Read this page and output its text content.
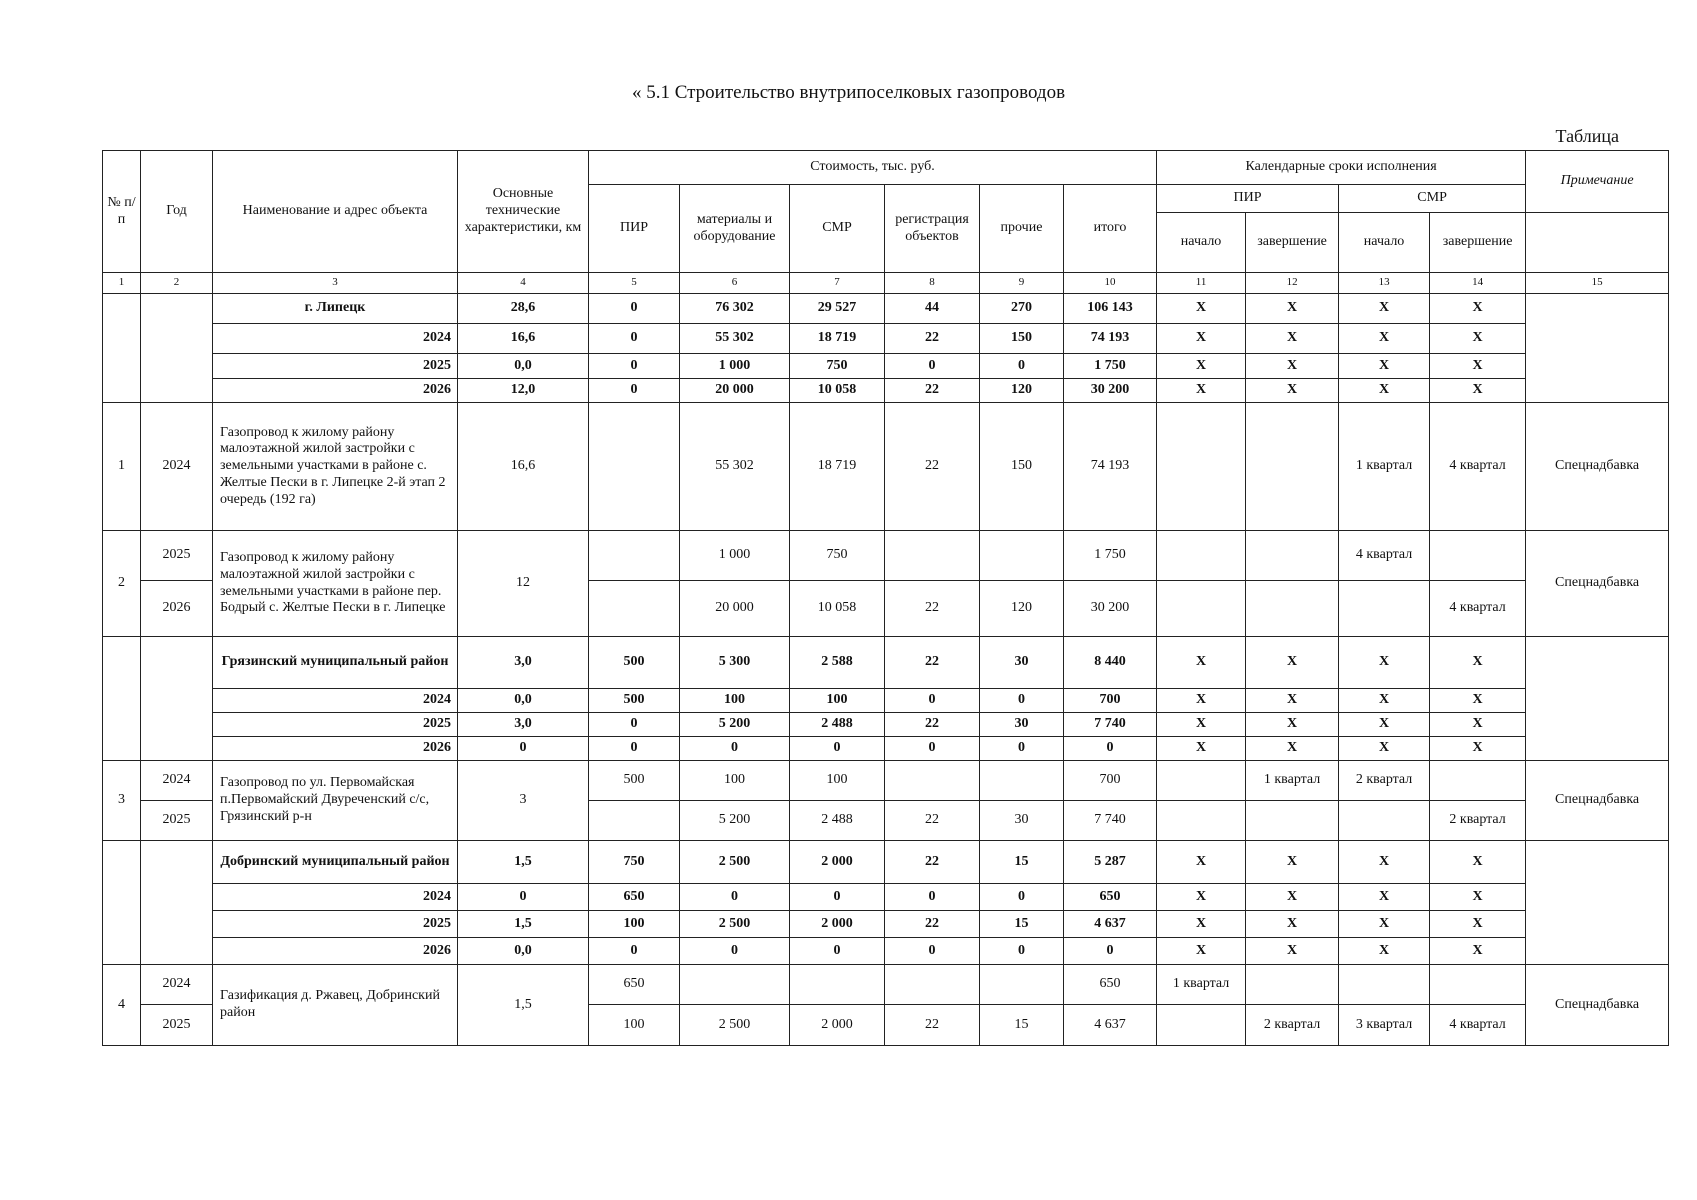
« 5.1 Строительство внутрипоселковых газопроводов
Таблица
№ п/п	Год	Наименование и адрес объекта	Основные технические характеристики, км	Стоимость, тыс. руб.						Календарные сроки исполнения				Примечание
				ПИР	материалы и оборудование	СМР	регистрация объектов	прочие	итого	ПИР		СМР		
										начало	завершение	начало	завершение	
1	2	3	4	5	6	7	8	9	10	11	12	13	14	15
		г. Липецк	28,6	0	76 302	29 527	44	270	106 143	X	X	X	X	
		2024	16,6	0	55 302	18 719	22	150	74 193	X	X	X	X	
		2025	0,0	0	1 000	750	0	0	1 750	X	X	X	X	
		2026	12,0	0	20 000	10 058	22	120	30 200	X	X	X	X	
1	2024	Газопровод к жилому району малоэтажной жилой застройки с земельными участками в районе с. Желтые Пески в г. Липецке 2-й этап 2 очередь (192 га)	16,6		55 302	18 719	22	150	74 193			1 квартал	4 квартал	Спецнадбавка
2	2025	Газопровод к жилому району малоэтажной жилой застройки с земельными участками в районе пер. Бодрый с. Желтые Пески в г. Липецке	12		1 000	750			1 750			4 квартал		Спецнадбавка
	2026				20 000	10 058	22	120	30 200				4 квартал	
		Грязинский муниципальный район	3,0	500	5 300	2 588	22	30	8 440	X	X	X	X	
		2024	0,0	500	100	100	0	0	700	X	X	X	X	
		2025	3,0	0	5 200	2 488	22	30	7 740	X	X	X	X	
		2026	0	0	0	0	0	0	0	X	X	X	X	
3	2024	Газопровод по ул. Первомайская п.Первомайский Двуреченский с/с, Грязинский р-н	3	500	100	100			700		1 квартал	2 квартал		Спецнадбавка
	2025				5 200	2 488	22	30	7 740				2 квартал	
		Добринский муниципальный район	1,5	750	2 500	2 000	22	15	5 287	X	X	X	X	
		2024	0	650	0	0	0	0	650	X	X	X	X	
		2025	1,5	100	2 500	2 000	22	15	4 637	X	X	X	X	
		2026	0,0	0	0	0	0	0	0	X	X	X	X	
4	2024	Газификация д. Ржавец, Добринский район	1,5	650					650	1 квартал				Спецнадбавка
	2025			100	2 500	2 000	22	15	4 637		2 квартал	3 квартал	4 квартал	
